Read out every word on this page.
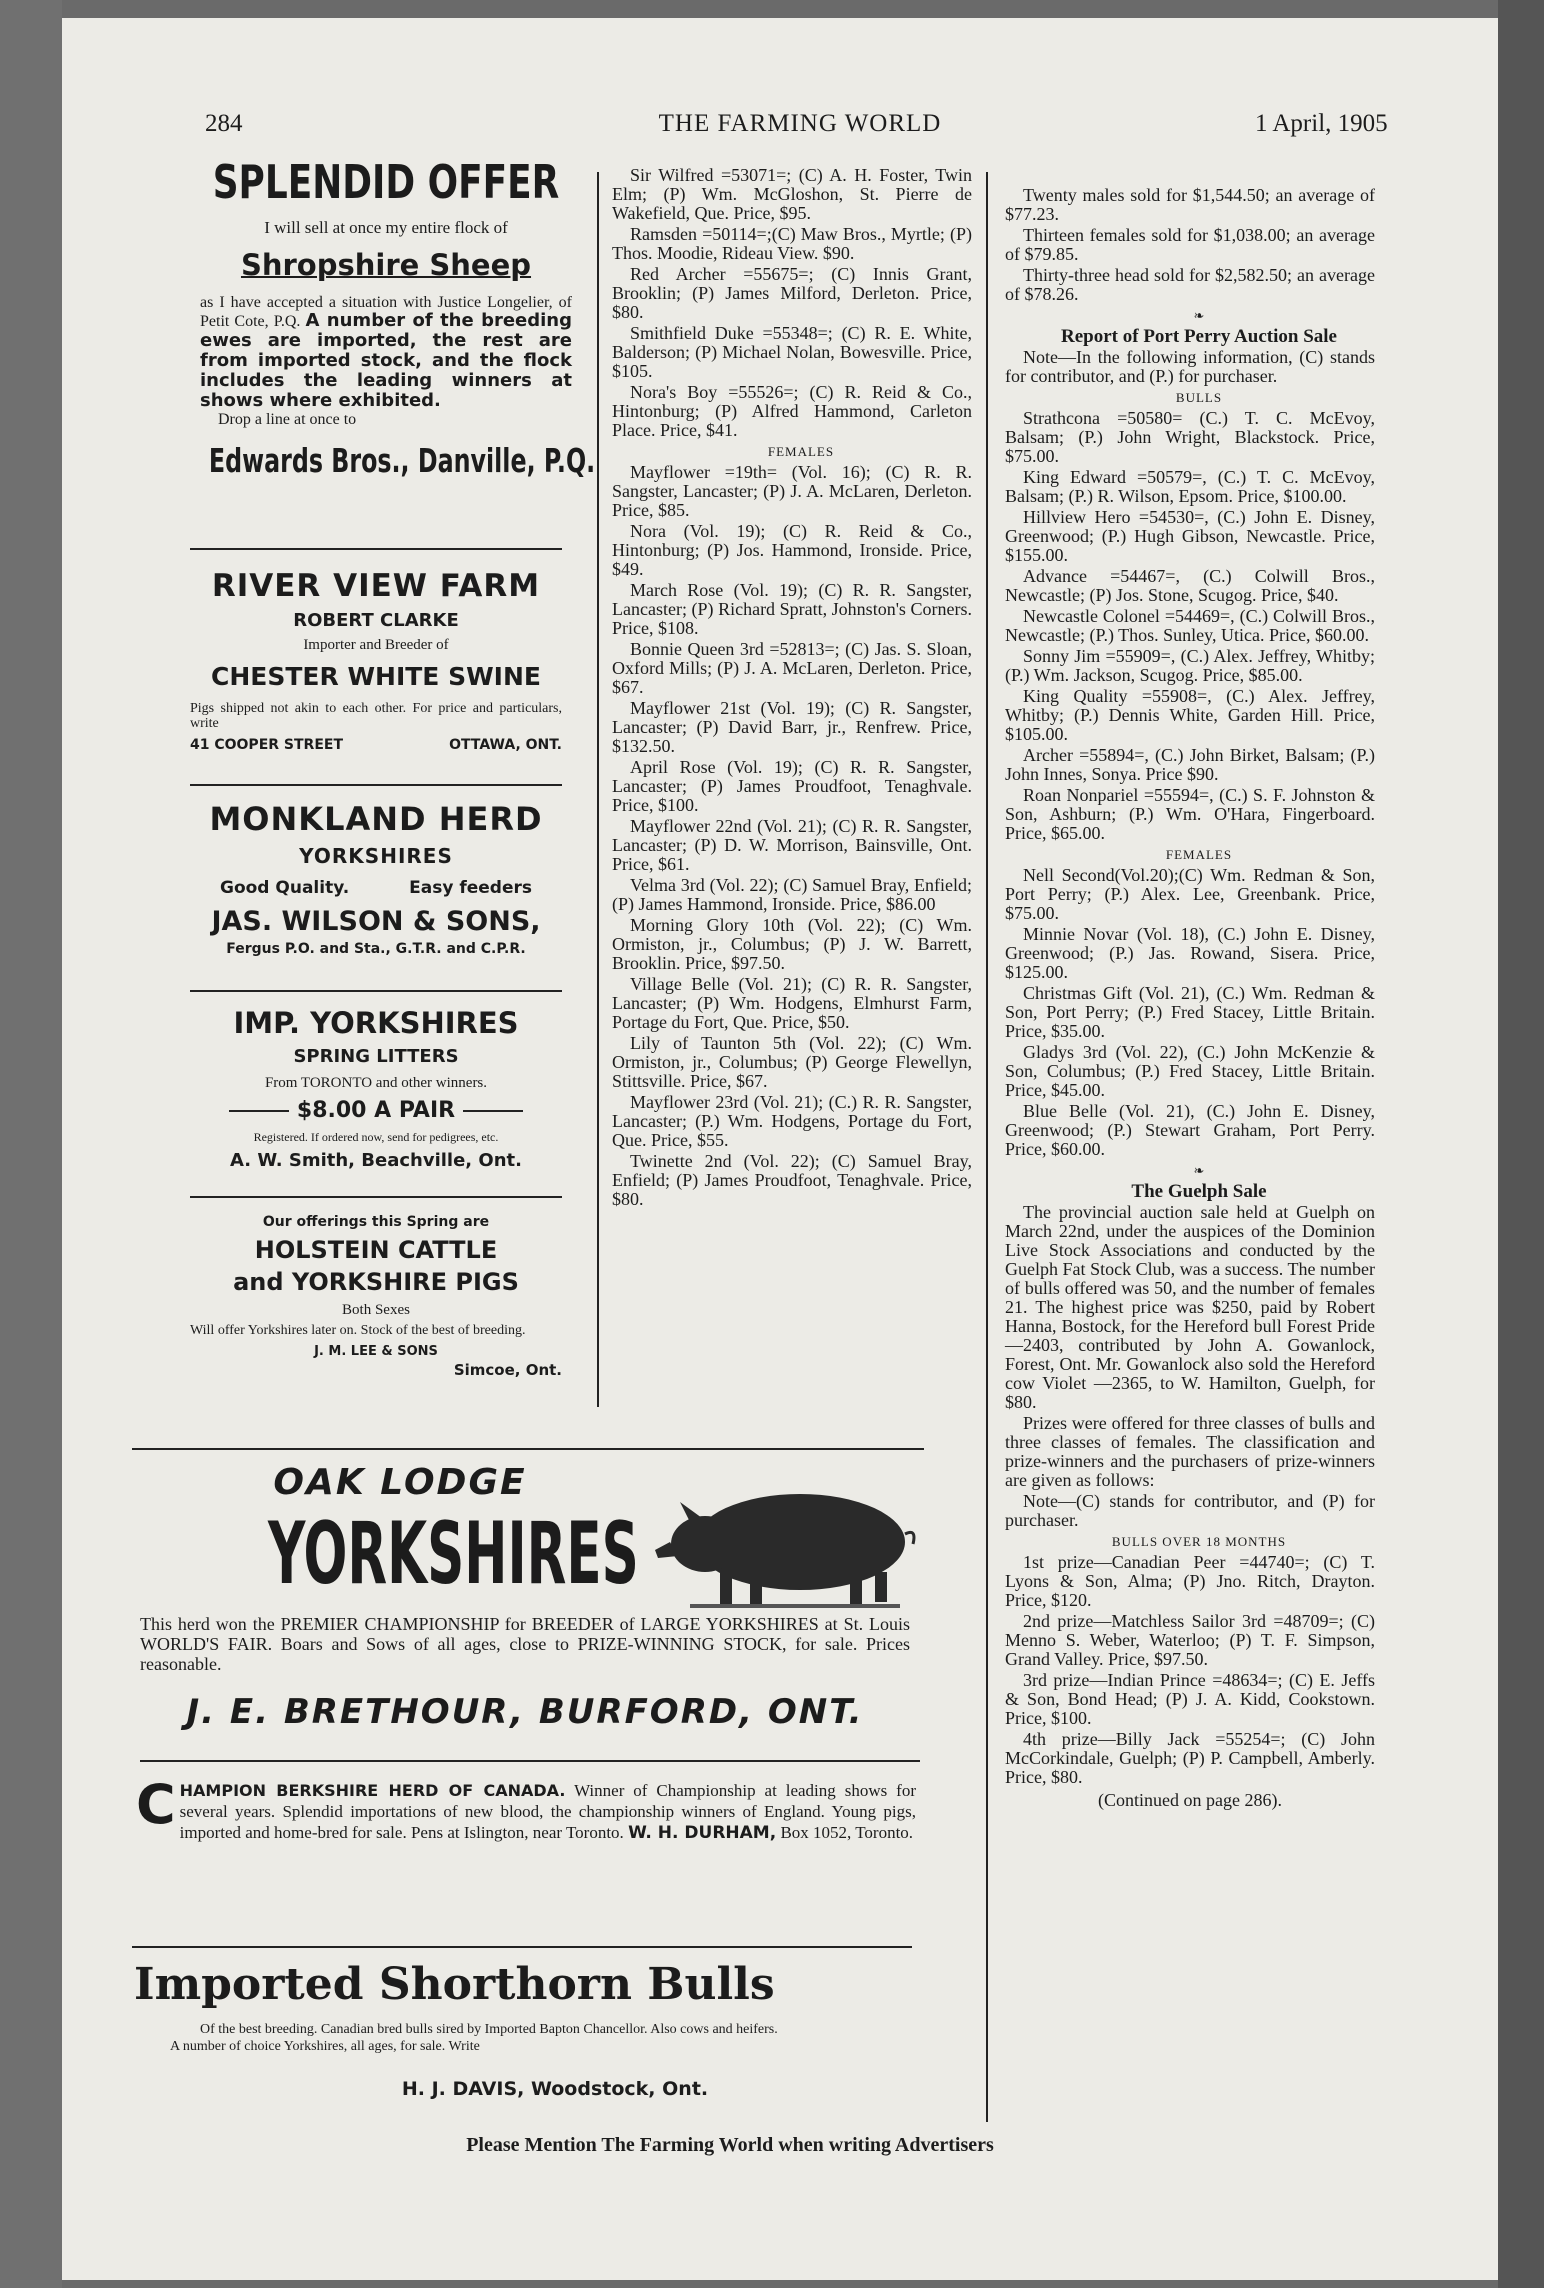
284	THE FARMING WORLD	1 April, 1905
SPLENDID OFFER
I will sell at once my entire flock of
Shropshire Sheep
as I have accepted a situation with Justice Longelier, of Petit Cote, P.Q. A number of the breeding ewes are imported, the rest are from imported stock, and the flock includes the leading winners at shows where exhibited.
Drop a line at once to
Edwards Bros., Danville, P.Q.
RIVER VIEW FARM
ROBERT CLARKE
Importer and Breeder of
CHESTER WHITE SWINE
Pigs shipped not akin to each other. For price and particulars, write
41 COOPER STREET	OTTAWA, ONT.
MONKLAND HERD
YORKSHIRES
Good Quality.	Easy feeders
JAS. WILSON & SONS,
Fergus P.O. and Sta., G.T.R. and C.P.R.
IMP. YORKSHIRES
SPRING LITTERS
From TORONTO and other winners.
$8.00 A PAIR
Registered. If ordered now, send for pedigrees, etc.
A. W. Smith, Beachville, Ont.
Our offerings this Spring are
HOLSTEIN CATTLE
and YORKSHIRE PIGS
Both Sexes
Will offer Yorkshires later on. Stock of the best of breeding.
J. M. LEE & SONS
Simcoe, Ont.

Sir Wilfred =53071=; (C) A. H. Foster, Twin Elm; (P) Wm. McGloshon, St. Pierre de Wakefield, Que. Price, $95.

Ramsden =50114=;(C) Maw Bros., Myrtle; (P) Thos. Moodie, Rideau View. $90.

Red Archer =55675=; (C) Innis Grant, Brooklin; (P) James Milford, Derleton. Price, $80.

Smithfield Duke =55348=; (C) R. E. White, Balderson; (P) Michael Nolan, Bowesville. Price, $105.

Nora's Boy =55526=; (C) R. Reid & Co., Hintonburg; (P) Alfred Hammond, Carleton Place. Price, $41.

FEMALES

Mayflower =19th= (Vol. 16); (C) R. R. Sangster, Lancaster; (P) J. A. McLaren, Derleton. Price, $85.

Nora (Vol. 19); (C) R. Reid & Co., Hintonburg; (P) Jos. Hammond, Ironside. Price, $49.

March Rose (Vol. 19); (C) R. R. Sangster, Lancaster; (P) Richard Spratt, Johnston's Corners. Price, $108.

Bonnie Queen 3rd =52813=; (C) Jas. S. Sloan, Oxford Mills; (P) J. A. McLaren, Derleton. Price, $67.

Mayflower 21st (Vol. 19); (C) R. Sangster, Lancaster; (P) David Barr, jr., Renfrew. Price, $132.50.

April Rose (Vol. 19); (C) R. R. Sangster, Lancaster; (P) James Proudfoot, Tenaghvale. Price, $100.

Mayflower 22nd (Vol. 21); (C) R. R. Sangster, Lancaster; (P) D. W. Morrison, Bainsville, Ont. Price, $61.

Velma 3rd (Vol. 22); (C) Samuel Bray, Enfield; (P) James Hammond, Ironside. Price, $86.00

Morning Glory 10th (Vol. 22); (C) Wm. Ormiston, jr., Columbus; (P) J. W. Barrett, Brooklin. Price, $97.50.

Village Belle (Vol. 21); (C) R. R. Sangster, Lancaster; (P) Wm. Hodgens, Elmhurst Farm, Portage du Fort, Que. Price, $50.

Lily of Taunton 5th (Vol. 22); (C) Wm. Ormiston, jr., Columbus; (P) George Flewellyn, Stittsville. Price, $67.

Mayflower 23rd (Vol. 21); (C.) R. R. Sangster, Lancaster; (P.) Wm. Hodgens, Portage du Fort, Que. Price, $55.

Twinette 2nd (Vol. 22); (C) Samuel Bray, Enfield; (P) James Proudfoot, Tenaghvale. Price, $80.

OAK LODGE
YORKSHIRES
This herd won the PREMIER CHAMPIONSHIP for BREEDER of LARGE YORKSHIRES at St. Louis WORLD'S FAIR. Boars and Sows of all ages, close to PRIZE-WINNING STOCK, for sale. Prices reasonable.
J. E. BRETHOUR, BURFORD, ONT.
C HAMPION BERKSHIRE HERD OF CANADA. Winner of Championship at leading shows for several years. Splendid importations of new blood, the championship winners of England. Young pigs, imported and home-bred for sale. Pens at Islington, near Toronto. W. H. DURHAM, Box 1052, Toronto.
Imported Shorthorn Bulls
Of the best breeding. Canadian bred bulls sired by Imported Bapton Chancellor. Also cows and heifers.
A number of choice Yorkshires, all ages, for sale. Write
H. J. DAVIS, Woodstock, Ont.

Twenty males sold for $1,544.50; an average of $77.23.

Thirteen females sold for $1,038.00; an average of $79.85.

Thirty-three head sold for $2,582.50; an average of $78.26.

❧

Report of Port Perry Auction Sale

Note—In the following information, (C) stands for contributor, and (P.) for purchaser.

BULLS

Strathcona =50580= (C.) T. C. McEvoy, Balsam; (P.) John Wright, Blackstock. Price, $75.00.

King Edward =50579=, (C.) T. C. McEvoy, Balsam; (P.) R. Wilson, Epsom. Price, $100.00.

Hillview Hero =54530=, (C.) John E. Disney, Greenwood; (P.) Hugh Gibson, Newcastle. Price, $155.00.

Advance =54467=, (C.) Colwill Bros., Newcastle; (P) Jos. Stone, Scugog. Price, $40.

Newcastle Colonel =54469=, (C.) Colwill Bros., Newcastle; (P.) Thos. Sunley, Utica. Price, $60.00.

Sonny Jim =55909=, (C.) Alex. Jeffrey, Whitby; (P.) Wm. Jackson, Scugog. Price, $85.00.

King Quality =55908=, (C.) Alex. Jeffrey, Whitby; (P.) Dennis White, Garden Hill. Price, $105.00.

Archer =55894=, (C.) John Birket, Balsam; (P.) John Innes, Sonya. Price $90.

Roan Nonpariel =55594=, (C.) S. F. Johnston & Son, Ashburn; (P.) Wm. O'Hara, Fingerboard. Price, $65.00.

FEMALES

Nell Second(Vol.20);(C) Wm. Redman & Son, Port Perry; (P.) Alex. Lee, Greenbank. Price, $75.00.

Minnie Novar (Vol. 18), (C.) John E. Disney, Greenwood; (P.) Jas. Rowand, Sisera. Price, $125.00.

Christmas Gift (Vol. 21), (C.) Wm. Redman & Son, Port Perry; (P.) Fred Stacey, Little Britain. Price, $35.00.

Gladys 3rd (Vol. 22), (C.) John McKenzie & Son, Columbus; (P.) Fred Stacey, Little Britain. Price, $45.00.

Blue Belle (Vol. 21), (C.) John E. Disney, Greenwood; (P.) Stewart Graham, Port Perry. Price, $60.00.

❧

The Guelph Sale

The provincial auction sale held at Guelph on March 22nd, under the auspices of the Dominion Live Stock Associations and conducted by the Guelph Fat Stock Club, was a success. The number of bulls offered was 50, and the number of females 21. The highest price was $250, paid by Robert Hanna, Bostock, for the Hereford bull Forest Pride —2403, contributed by John A. Gowanlock, Forest, Ont. Mr. Gowanlock also sold the Hereford cow Violet —2365, to W. Hamilton, Guelph, for $80.

Prizes were offered for three classes of bulls and three classes of females. The classification and prize-winners and the purchasers of prize-winners are given as follows:

Note—(C) stands for contributor, and (P) for purchaser.

BULLS OVER 18 MONTHS

1st prize—Canadian Peer =44740=; (C) T. Lyons & Son, Alma; (P) Jno. Ritch, Drayton. Price, $120.

2nd prize—Matchless Sailor 3rd =48709=; (C) Menno S. Weber, Waterloo; (P) T. F. Simpson, Grand Valley. Price, $97.50.

3rd prize—Indian Prince =48634=; (C) E. Jeffs & Son, Bond Head; (P) J. A. Kidd, Cookstown. Price, $100.

4th prize—Billy Jack =55254=; (C) John McCorkindale, Guelph; (P) P. Campbell, Amberly. Price, $80.

(Continued on page 286).

Please Mention The Farming World when writing Advertisers
